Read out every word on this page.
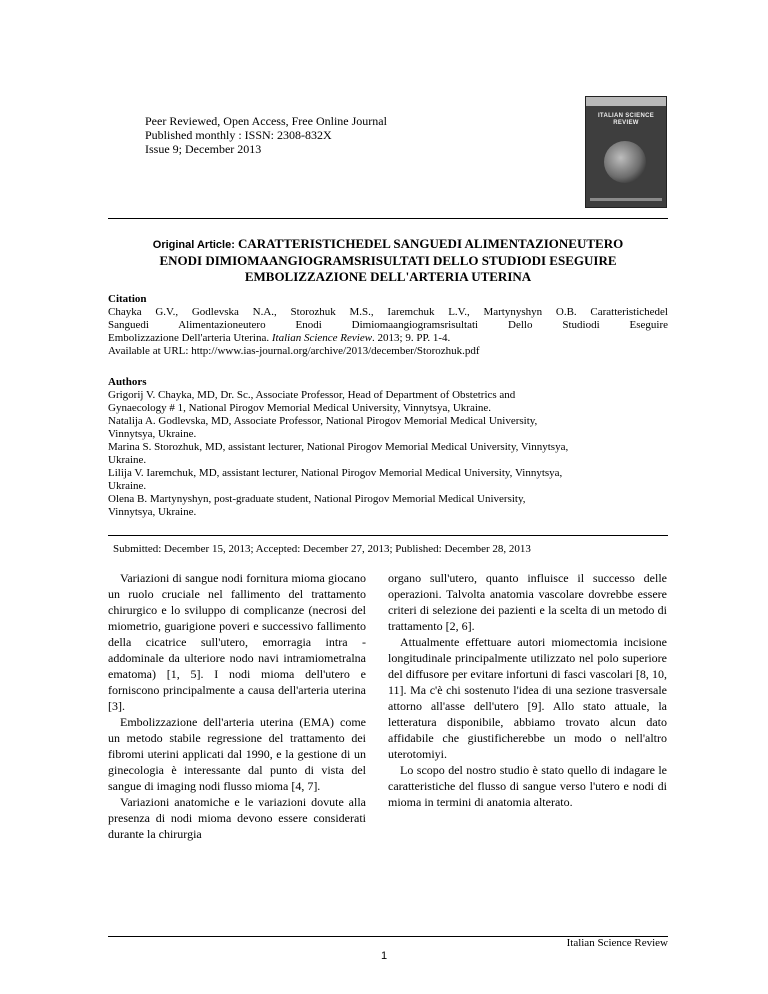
Peer Reviewed, Open Access, Free Online Journal
Published monthly : ISSN: 2308-832X
Issue 9; December 2013
ITALIAN SCIENCE
REVIEW
Original Article: CARATTERISTICHEDEL SANGUEDI ALIMENTAZIONEUTERO
ENODI DIMIOMAANGIOGRAMSRISULTATI DELLO STUDIODI ESEGUIRE
EMBOLIZZAZIONE DELL'ARTERIA UTERINA
Citation
Chayka G.V., Godlevska N.A., Storozhuk M.S., Iaremchuk L.V., Martynyshyn O.B. Caratteristichedel
Sanguedi Alimentazioneutero Enodi Dimiomaangiogramsrisultati Dello Studiodi Eseguire
Embolizzazione Dell'arteria Uterina. Italian Science Review. 2013; 9. PP. 1-4.
Available at URL: http://www.ias-journal.org/archive/2013/december/Storozhuk.pdf
Authors
Grigorij V. Chayka, MD, Dr. Sc., Associate Professor, Head of Department of Obstetrics and
Gynaecology # 1, National Pirogov Memorial Medical University, Vinnytsya, Ukraine.
Natalija A. Godlevska, MD, Associate Professor, National Pirogov Memorial Medical University,
Vinnytsya, Ukraine.
Marina S. Storozhuk, MD, assistant lecturer, National Pirogov Memorial Medical University, Vinnytsya,
Ukraine.
Lilija V. Iaremchuk, MD, assistant lecturer, National Pirogov Memorial Medical University, Vinnytsya,
Ukraine.
Olena B. Martynyshyn, post-graduate student, National Pirogov Memorial Medical University,
Vinnytsya, Ukraine.
Submitted: December 15, 2013; Accepted: December 27, 2013; Published: December 28, 2013

Variazioni di sangue nodi fornitura mioma giocano un ruolo cruciale nel fallimento del trattamento chirurgico e lo sviluppo di complicanze (necrosi del miometrio, guarigione poveri e successivo fallimento della cicatrice sull'utero, emorragia intra - addominale da ulteriore nodo navi intramiometralna ematoma) [1, 5]. I nodi mioma dell'utero e forniscono principalmente a causa dell'arteria uterina [3].

Embolizzazione dell'arteria uterina (EMA) come un metodo stabile regressione del trattamento dei fibromi uterini applicati dal 1990, e la gestione di un ginecologia è interessante dal punto di vista del sangue di imaging nodi flusso mioma [4, 7].

Variazioni anatomiche e le variazioni dovute alla presenza di nodi mioma devono essere considerati durante la chirurgia

organo sull'utero, quanto influisce il successo delle operazioni. Talvolta anatomia vascolare dovrebbe essere criteri di selezione dei pazienti e la scelta di un metodo di trattamento [2, 6].

Attualmente effettuare autori miomectomia incisione longitudinale principalmente utilizzato nel polo superiore del diffusore per evitare infortuni di fasci vascolari [8, 10, 11]. Ma c'è chi sostenuto l'idea di una sezione trasversale attorno all'asse dell'utero [9]. Allo stato attuale, la letteratura disponibile, abbiamo trovato alcun dato affidabile che giustificherebbe un modo o nell'altro uterotomiyi.

Lo scopo del nostro studio è stato quello di indagare le caratteristiche del flusso di sangue verso l'utero e nodi di mioma in termini di anatomia alterato.

Italian Science Review
1
